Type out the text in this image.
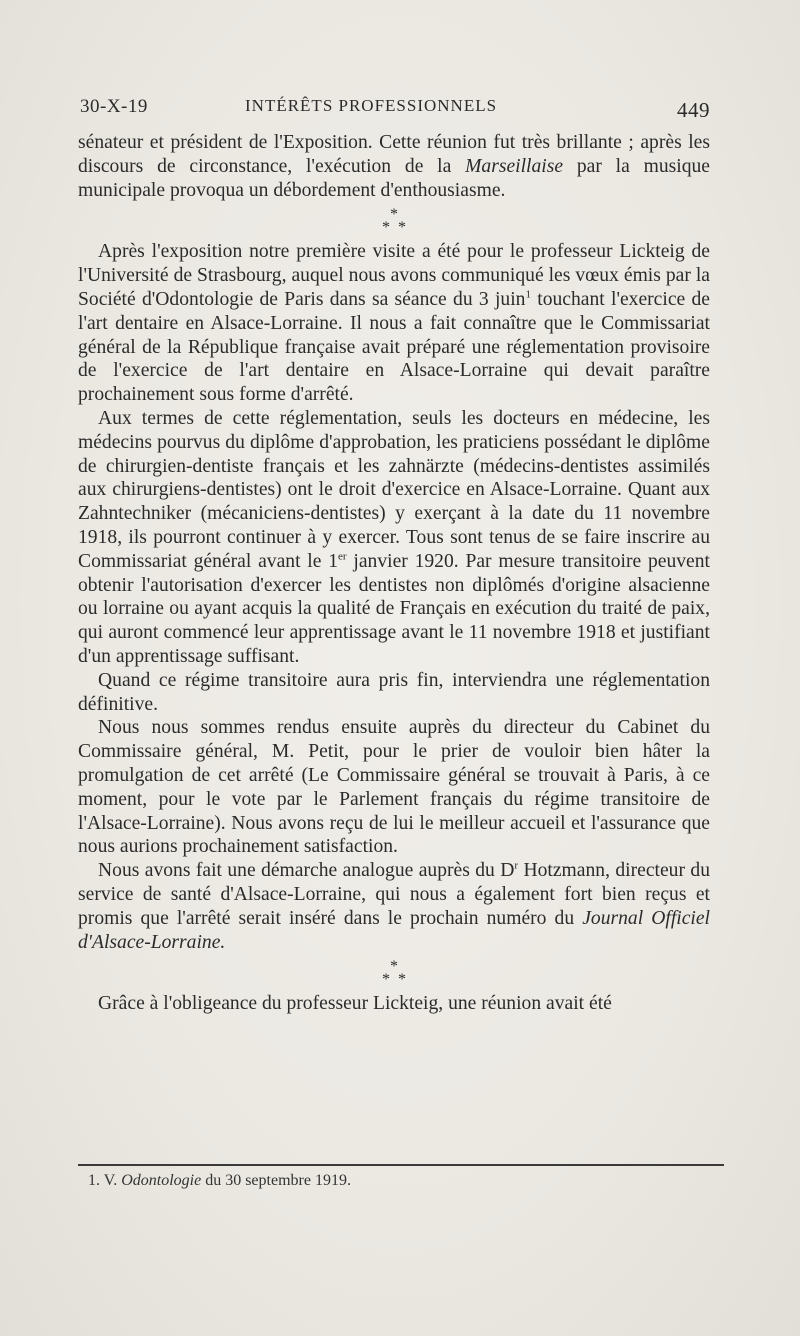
30-X-19	INTÉRÊTS PROFESSIONNELS	449

sénateur et président de l'Exposition. Cette réunion fut très brillante ; après les discours de circonstance, l'exécution de la Marseillaise par la musique municipale provoqua un débordement d'enthousiasme.

*
**

Après l'exposition notre première visite a été pour le professeur Lickteig de l'Université de Strasbourg, auquel nous avons communiqué les vœux émis par la Société d'Odontologie de Paris dans sa séance du 3 juin$^1$ touchant l'exercice de l'art dentaire en Alsace-Lorraine. Il nous a fait connaître que le Commissariat général de la République française avait préparé une réglementation provisoire de l'exercice de l'art dentaire en Alsace-Lorraine qui devait paraître prochainement sous forme d'arrêté.

Aux termes de cette réglementation, seuls les docteurs en médecine, les médecins pourvus du diplôme d'approbation, les praticiens possédant le diplôme de chirurgien-dentiste français et les zahnärzte (médecins-dentistes assimilés aux chirurgiens-dentistes) ont le droit d'exercice en Alsace-Lorraine. Quant aux Zahntechniker (mécaniciens-dentistes) y exerçant à la date du 11 novembre 1918, ils pourront continuer à y exercer. Tous sont tenus de se faire inscrire au Commissariat général avant le 1er janvier 1920. Par mesure transitoire peuvent obtenir l'autorisation d'exercer les dentistes non diplômés d'origine alsacienne ou lorraine ou ayant acquis la qualité de Français en exécution du traité de paix, qui auront commencé leur apprentissage avant le 11 novembre 1918 et justifiant d'un apprentissage suffisant.

Quand ce régime transitoire aura pris fin, interviendra une réglementation définitive.

Nous nous sommes rendus ensuite auprès du directeur du Cabinet du Commissaire général, M. Petit, pour le prier de vouloir bien hâter la promulgation de cet arrêté (Le Commissaire général se trouvait à Paris, à ce moment, pour le vote par le Parlement français du régime transitoire de l'Alsace-Lorraine). Nous avons reçu de lui le meilleur accueil et l'assurance que nous aurions prochainement satisfaction.

Nous avons fait une démarche analogue auprès du $D^r$ Hotzmann, directeur du service de santé d'Alsace-Lorraine, qui nous a également fort bien reçus et promis que l'arrêté serait inséré dans le prochain numéro du Journal Officiel d'Alsace-Lorraine.

*
**

Grâce à l'obligeance du professeur Lickteig, une réunion avait été

1. V. Odontologie du 30 septembre 1919.
